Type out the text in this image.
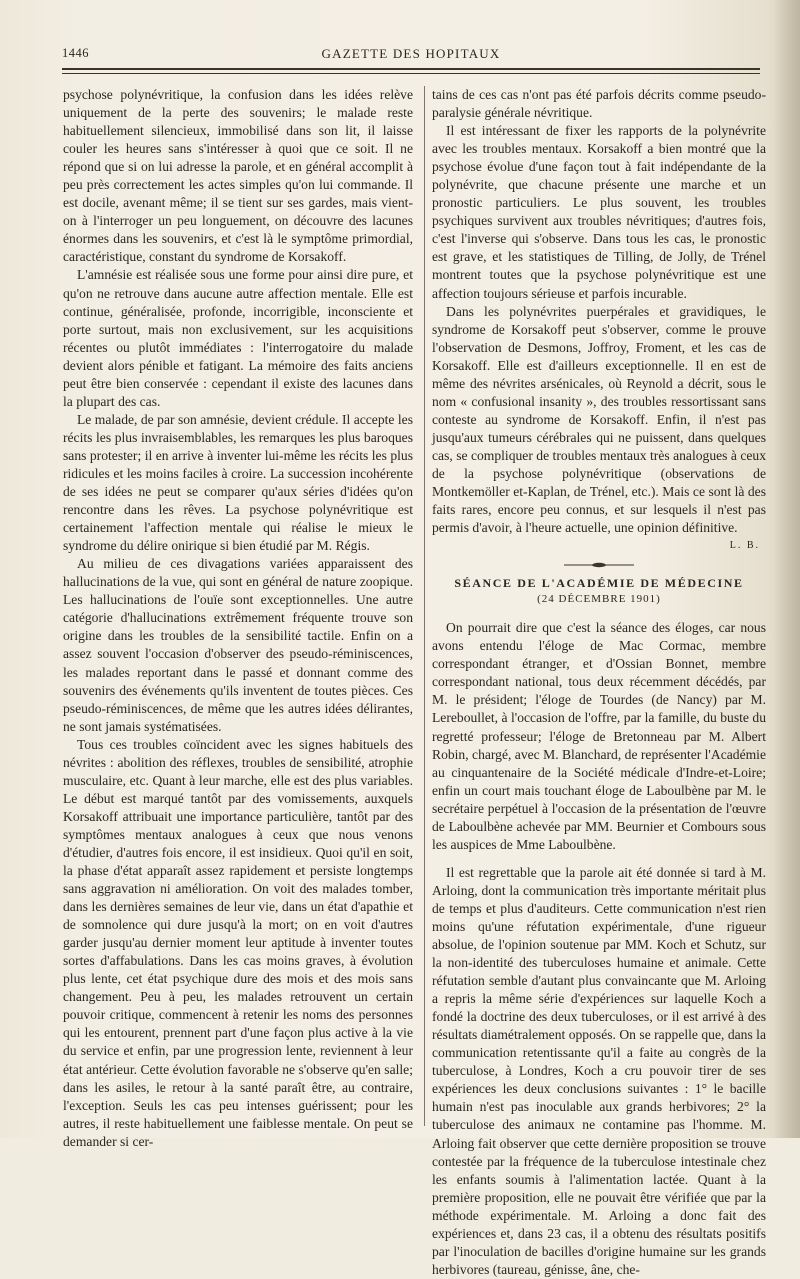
1446	GAZETTE DES HOPITAUX

psychose polynévritique, la confusion dans les idées relève uniquement de la perte des souvenirs; le malade reste habituellement silencieux, immobilisé dans son lit, il laisse couler les heures sans s'intéresser à quoi que ce soit. Il ne répond que si on lui adresse la parole, et en général accomplit à peu près correctement les actes simples qu'on lui commande. Il est docile, avenant même; il se tient sur ses gardes, mais vient-on à l'interroger un peu longuement, on découvre des lacunes énormes dans les souvenirs, et c'est là le symptôme primordial, caractéristique, constant du syndrome de Korsakoff.

L'amnésie est réalisée sous une forme pour ainsi dire pure, et qu'on ne retrouve dans aucune autre affection mentale. Elle est continue, généralisée, profonde, incorrigible, inconsciente et porte surtout, mais non exclusivement, sur les acquisitions récentes ou plutôt immédiates : l'interrogatoire du malade devient alors pénible et fatigant. La mémoire des faits anciens peut être bien conservée : cependant il existe des lacunes dans la plupart des cas.

Le malade, de par son amnésie, devient crédule. Il accepte les récits les plus invraisemblables, les remarques les plus baroques sans protester; il en arrive à inventer lui-même les récits les plus ridicules et les moins faciles à croire. La succession incohérente de ses idées ne peut se comparer qu'aux séries d'idées qu'on rencontre dans les rêves. La psychose polynévritique est certainement l'affection mentale qui réalise le mieux le syndrome du délire onirique si bien étudié par M. Régis.

Au milieu de ces divagations variées apparaissent des hallucinations de la vue, qui sont en général de nature zoopique. Les hallucinations de l'ouïe sont exceptionnelles. Une autre catégorie d'hallucinations extrêmement fréquente trouve son origine dans les troubles de la sensibilité tactile. Enfin on a assez souvent l'occasion d'observer des pseudo-réminiscences, les malades reportant dans le passé et donnant comme des souvenirs des événements qu'ils inventent de toutes pièces. Ces pseudo-réminiscences, de même que les autres idées délirantes, ne sont jamais systématisées.

Tous ces troubles coïncident avec les signes habituels des névrites : abolition des réflexes, troubles de sensibilité, atrophie musculaire, etc. Quant à leur marche, elle est des plus variables. Le début est marqué tantôt par des vomissements, auxquels Korsakoff attribuait une importance particulière, tantôt par des symptômes mentaux analogues à ceux que nous venons d'étudier, d'autres fois encore, il est insidieux. Quoi qu'il en soit, la phase d'état apparaît assez rapidement et persiste longtemps sans aggravation ni amélioration. On voit des malades tomber, dans les dernières semaines de leur vie, dans un état d'apathie et de somnolence qui dure jusqu'à la mort; on en voit d'autres garder jusqu'au dernier moment leur aptitude à inventer toutes sortes d'affabulations. Dans les cas moins graves, à évolution plus lente, cet état psychique dure des mois et des mois sans changement. Peu à peu, les malades retrouvent un certain pouvoir critique, commencent à retenir les noms des personnes qui les entourent, prennent part d'une façon plus active à la vie du service et enfin, par une progression lente, reviennent à leur état antérieur. Cette évolution favorable ne s'observe qu'en salle; dans les asiles, le retour à la santé paraît être, au contraire, l'exception. Seuls les cas peu intenses guérissent; pour les autres, il reste habituellement une faiblesse mentale. On peut se demander si cer-

tains de ces cas n'ont pas été parfois décrits comme pseudo-paralysie générale névritique.

Il est intéressant de fixer les rapports de la polynévrite avec les troubles mentaux. Korsakoff a bien montré que la psychose évolue d'une façon tout à fait indépendante de la polynévrite, que chacune présente une marche et un pronostic particuliers. Le plus souvent, les troubles psychiques survivent aux troubles névritiques; d'autres fois, c'est l'inverse qui s'observe. Dans tous les cas, le pronostic est grave, et les statistiques de Tilling, de Jolly, de Trénel montrent toutes que la psychose polynévritique est une affection toujours sérieuse et parfois incurable.

Dans les polynévrites puerpérales et gravidiques, le syndrome de Korsakoff peut s'observer, comme le prouve l'observation de Desmons, Joffroy, Froment, et les cas de Korsakoff. Elle est d'ailleurs exceptionnelle. Il en est de même des névrites arsénicales, où Reynold a décrit, sous le nom « confusional insanity », des troubles ressortissant sans conteste au syndrome de Korsakoff. Enfin, il n'est pas jusqu'aux tumeurs cérébrales qui ne puissent, dans quelques cas, se compliquer de troubles mentaux très analogues à ceux de la psychose polynévritique (observations de Montkemöller et-Kaplan, de Trénel, etc.). Mais ce sont là des faits rares, encore peu connus, et sur lesquels il n'est pas permis d'avoir, à l'heure actuelle, une opinion définitive.

L. B.
SÉANCE DE L'ACADÉMIE DE MÉDECINE
(24 DÉCEMBRE 1901)

On pourrait dire que c'est la séance des éloges, car nous avons entendu l'éloge de Mac Cormac, membre correspondant étranger, et d'Ossian Bonnet, membre correspondant national, tous deux récemment décédés, par M. le président; l'éloge de Tourdes (de Nancy) par M. Lereboullet, à l'occasion de l'offre, par la famille, du buste du regretté professeur; l'éloge de Bretonneau par M. Albert Robin, chargé, avec M. Blanchard, de représenter l'Académie au cinquantenaire de la Société médicale d'Indre-et-Loire; enfin un court mais touchant éloge de Laboulbène par M. le secrétaire perpétuel à l'occasion de la présentation de l'œuvre de Laboulbène achevée par MM. Beurnier et Combours sous les auspices de Mme Laboulbène.

Il est regrettable que la parole ait été donnée si tard à M. Arloing, dont la communication très importante méritait plus de temps et plus d'auditeurs. Cette communication n'est rien moins qu'une réfutation expérimentale, d'une rigueur absolue, de l'opinion soutenue par MM. Koch et Schutz, sur la non-identité des tuberculoses humaine et animale. Cette réfutation semble d'autant plus convaincante que M. Arloing a repris la même série d'expériences sur laquelle Koch a fondé la doctrine des deux tuberculoses, or il est arrivé à des résultats diamétralement opposés. On se rappelle que, dans la communication retentissante qu'il a faite au congrès de la tuberculose, à Londres, Koch a cru pouvoir tirer de ses expériences les deux conclusions suivantes : 1° le bacille humain n'est pas inoculable aux grands herbivores; 2° la tuberculose des animaux ne contamine pas l'homme. M. Arloing fait observer que cette dernière proposition se trouve contestée par la fréquence de la tuberculose intestinale chez les enfants soumis à l'alimentation lactée. Quant à la première proposition, elle ne pouvait être vérifiée que par la méthode expérimentale. M. Arloing a donc fait des expériences et, dans 23 cas, il a obtenu des résultats positifs par l'inoculation de bacilles d'origine humaine sur les grands herbivores (taureau, génisse, âne, che-
